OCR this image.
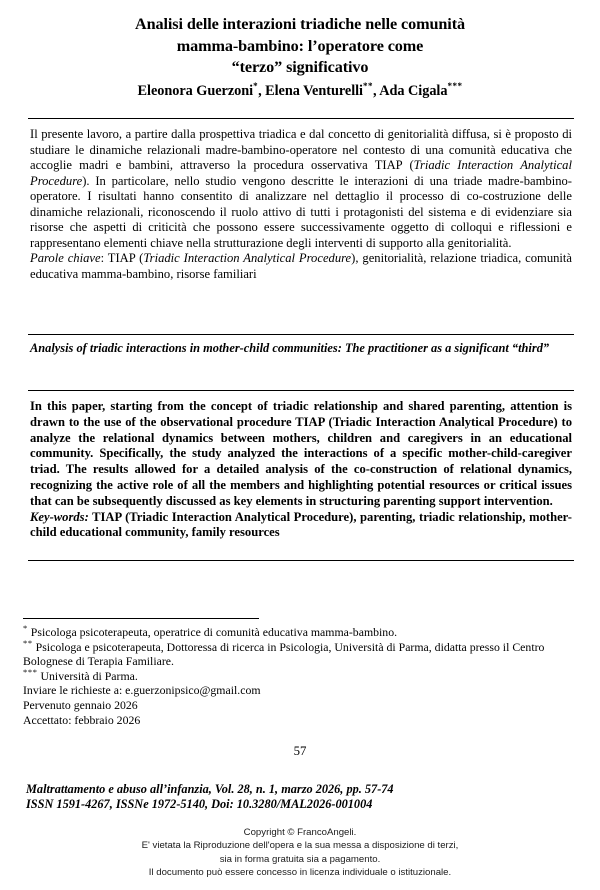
Analisi delle interazioni triadiche nelle comunità
mamma-bambino: l’operatore come
“terzo” significativo
Eleonora Guerzoni*, Elena Venturelli**, Ada Cigala***

Il presente lavoro, a partire dalla prospettiva triadica e dal concetto di genitorialità diffusa, si è proposto di studiare le dinamiche relazionali madre-bambino-operatore nel contesto di una comunità educativa che accoglie madri e bambini, attraverso la procedura osservativa TIAP (Triadic Interaction Analytical Procedure). In particolare, nello studio vengono descritte le interazioni di una triade madre-bambino-operatore. I risultati hanno consentito di analizzare nel dettaglio il processo di co-costruzione delle dinamiche relazionali, riconoscendo il ruolo attivo di tutti i protagonisti del sistema e di evidenziare sia risorse che aspetti di criticità che possono essere successivamente oggetto di colloqui e riflessioni e rappresentano elementi chiave nella strutturazione degli interventi di supporto alla genitorialità.

Parole chiave: TIAP (Triadic Interaction Analytical Procedure), genitorialità, relazione triadica, comunità educativa mamma-bambino, risorse familiari

Analysis of triadic interactions in mother-child communities: The practitioner as a significant “third”

In this paper, starting from the concept of triadic relationship and shared parenting, attention is drawn to the use of the observational procedure TIAP (Triadic Interaction Analytical Procedure) to analyze the relational dynamics between mothers, children and caregivers in an educational community. Specifically, the study analyzed the interactions of a specific mother-child-caregiver triad. The results allowed for a detailed analysis of the co-construction of relational dynamics, recognizing the active role of all the members and highlighting potential resources or critical issues that can be subsequently discussed as key elements in structuring parenting support intervention.

Key-words: TIAP (Triadic Interaction Analytical Procedure), parenting, triadic relationship, mother-child educational community, family resources

* Psicologa psicoterapeuta, operatrice di comunità educativa mamma-bambino.

** Psicologa e psicoterapeuta, Dottoressa di ricerca in Psicologia, Università di Parma, didatta presso il Centro Bolognese di Terapia Familiare.

*** Università di Parma.

Inviare le richieste a: e.guerzonipsico@gmail.com

Pervenuto gennaio 2026

Accettato: febbraio 2026

57
Maltrattamento e abuso all’infanzia, Vol. 28, n. 1, marzo 2026, pp. 57-74
ISSN 1591-4267, ISSNe 1972-5140, Doi: 10.3280/MAL2026-001004
Copyright © FrancoAngeli.
E' vietata la Riproduzione dell'opera e la sua messa a disposizione di terzi,
sia in forma gratuita sia a pagamento.
Il documento può essere concesso in licenza individuale o istituzionale.
